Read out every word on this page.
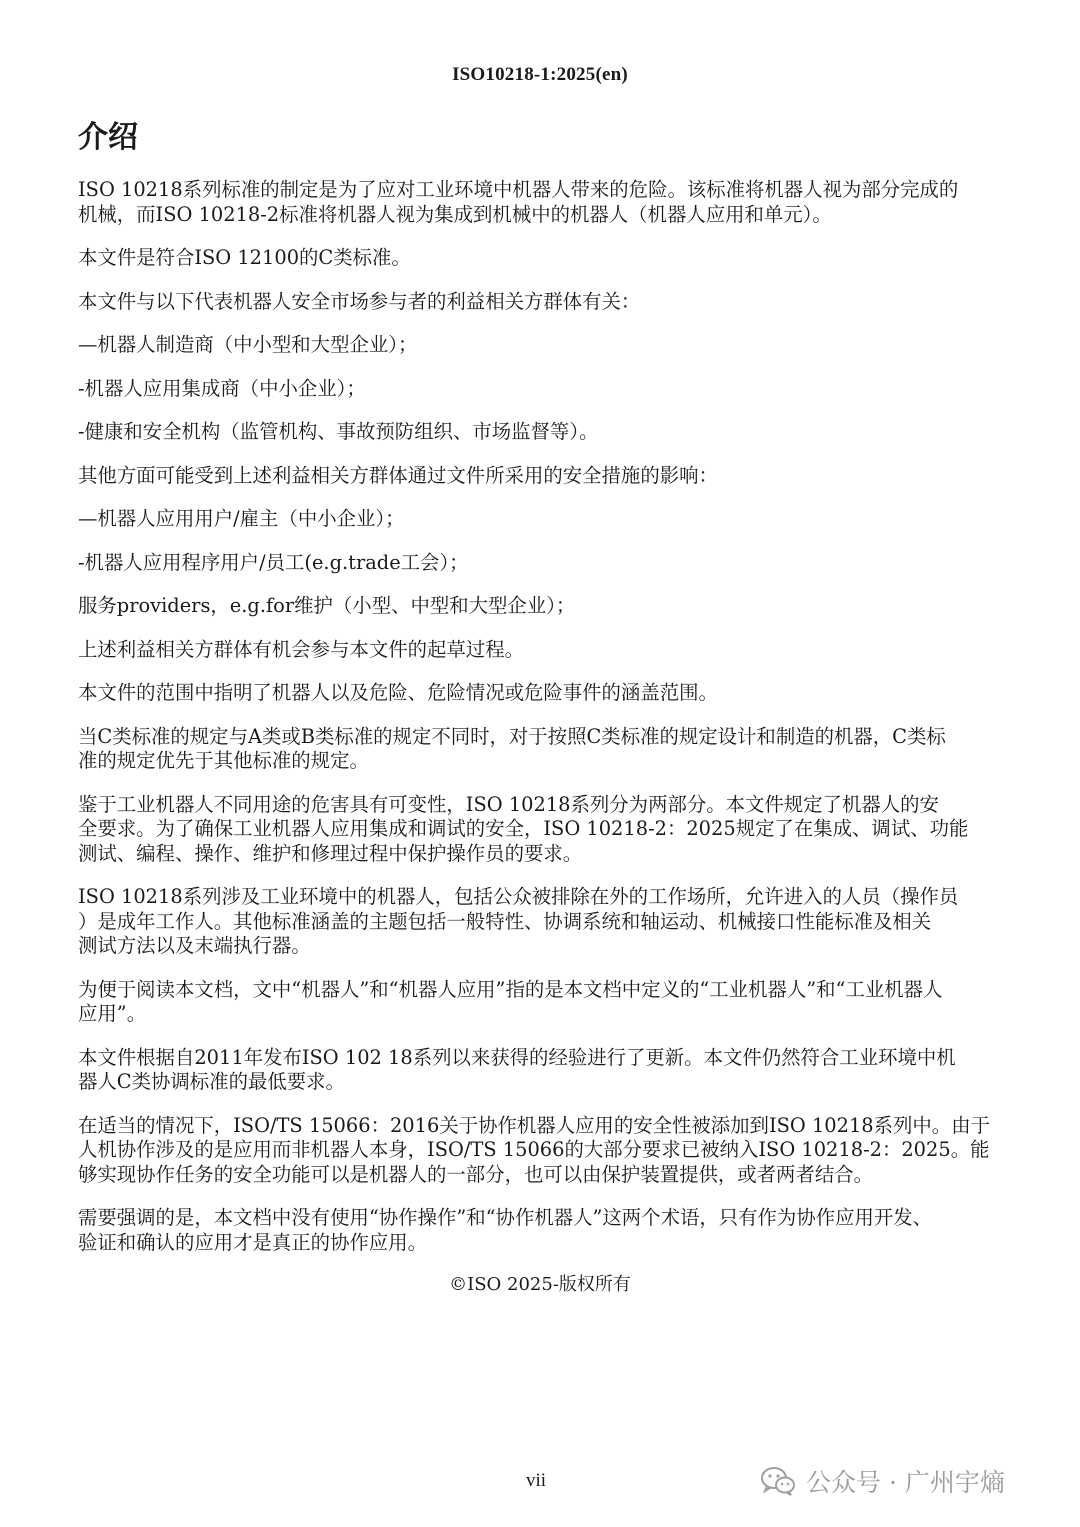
ISO10218-1:2025(en)
介绍

ISO 10218系列标准的制定是为了应对工业环境中机器人带来的危险。该标准将机器人视为部分完成的
机械，而ISO 10218-2标准将机器人视为集成到机械中的机器人（机器人应用和单元）。

本文件是符合ISO 12100的C类标准。

本文件与以下代表机器人安全市场参与者的利益相关方群体有关：

—机器人制造商（中小型和大型企业）；

-机器人应用集成商（中小企业）；

-健康和安全机构（监管机构、事故预防组织、市场监督等）。

其他方面可能受到上述利益相关方群体通过文件所采用的安全措施的影响：

—机器人应用用户/雇主（中小企业）；

-机器人应用程序用户/员工(e.g.trade工会）；

服务providers，e.g.for维护（小型、中型和大型企业）；

上述利益相关方群体有机会参与本文件的起草过程。

本文件的范围中指明了机器人以及危险、危险情况或危险事件的涵盖范围。

当C类标准的规定与A类或B类标准的规定不同时，对于按照C类标准的规定设计和制造的机器，C类标
准的规定优先于其他标准的规定。

鉴于工业机器人不同用途的危害具有可变性，ISO 10218系列分为两部分。本文件规定了机器人的安
全要求。为了确保工业机器人应用集成和调试的安全，ISO 10218-2：2025规定了在集成、调试、功能
测试、编程、操作、维护和修理过程中保护操作员的要求。

ISO 10218系列涉及工业环境中的机器人，包括公众被排除在外的工作场所，允许进入的人员（操作员
）是成年工作人。其他标准涵盖的主题包括一般特性、协调系统和轴运动、机械接口性能标准及相关
测试方法以及末端执行器。

为便于阅读本文档，文中“机器人”和“机器人应用”指的是本文档中定义的“工业机器人”和“工业机器人
应用”。

本文件根据自2011年发布ISO 102 18系列以来获得的经验进行了更新。本文件仍然符合工业环境中机
器人C类协调标准的最低要求。

在适当的情况下，ISO/TS 15066：2016关于协作机器人应用的安全性被添加到ISO 10218系列中。由于
人机协作涉及的是应用而非机器人本身，ISO/TS 15066的大部分要求已被纳入ISO 10218-2：2025。能
够实现协作任务的安全功能可以是机器人的一部分，也可以由保护装置提供，或者两者结合。

需要强调的是，本文档中没有使用“协作操作”和“协作机器人”这两个术语，只有作为协作应用开发、
验证和确认的应用才是真正的协作应用。

©ISO 2025-版权所有
vii	公众号 · 广州宇熵
